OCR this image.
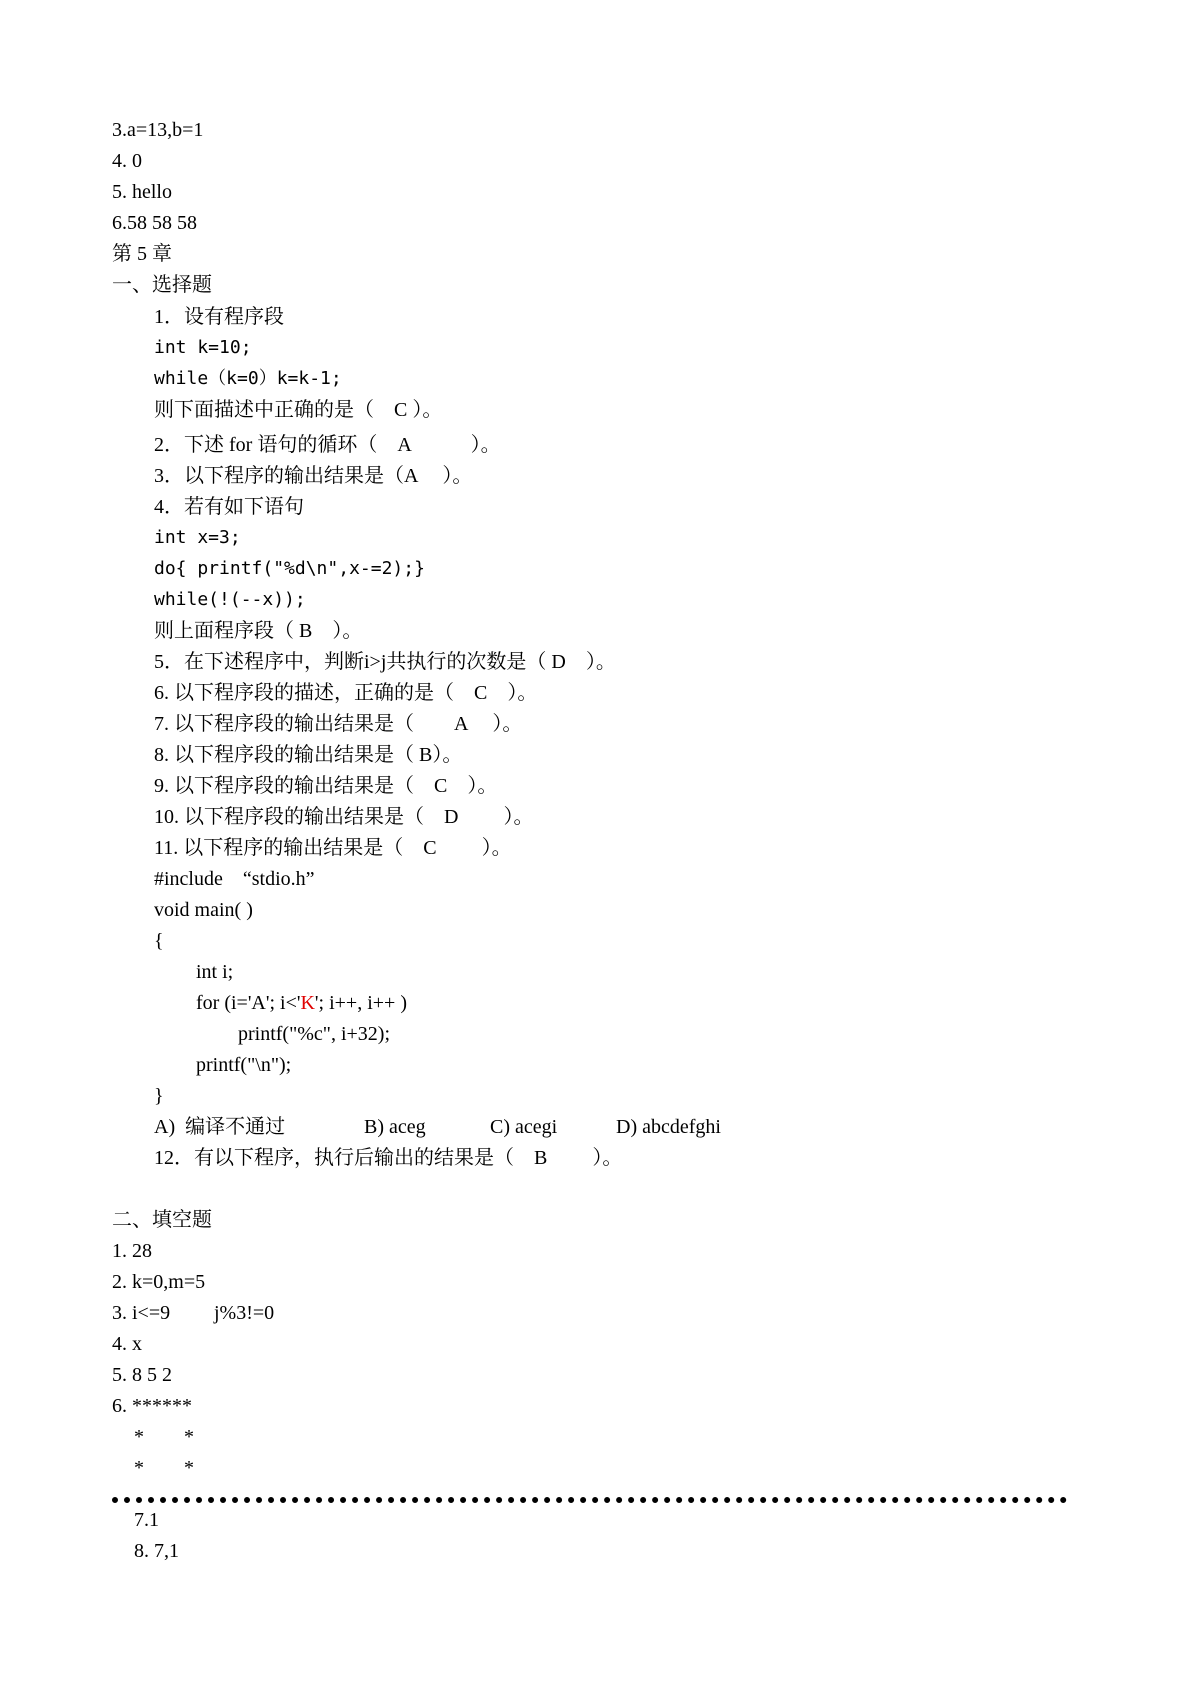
3.a=13,b=1
4. 0
5. hello
6.58 58 58
第 5 章
一、选择题
1．设有程序段
int k=10;
while（k=0）k=k-1;
则下面描述中正确的是（　C ）。
2．下述 for 语句的循环（　A　　　）。
3．以下程序的输出结果是（A　 ）。
4．若有如下语句
int x=3;
do{ printf("%d\n",x-=2);}
while(!(--x));
则上面程序段（ B　）。
5．在下述程序中，判断i>j共执行的次数是（ D　）。
6. 以下程序段的描述，正确的是（　C　）。
7. 以下程序段的输出结果是（　　A　 ）。
8. 以下程序段的输出结果是（ B）。
9. 以下程序段的输出结果是（　C　）。
10. 以下程序段的输出结果是（　D　　 ）。
11. 以下程序的输出结果是（　C　　 ）。
#include　“stdio.h”
void main( )
{
int i;
for (i='A'; i<'K'; i++, i++ )
printf("%c", i+32);
printf("\n");
}
A)  编译不通过	B) aceg	C) acegi	D) abcdefghi
12．有以下程序，执行后输出的结果是（　B　　 ）。
二、填空题
1. 28
2. k=0,m=5
3. i<=9 j%3!=0
4. x
5. 8 5 2
6. ******
*　　*
*　　*
7.1
8. 7,1
